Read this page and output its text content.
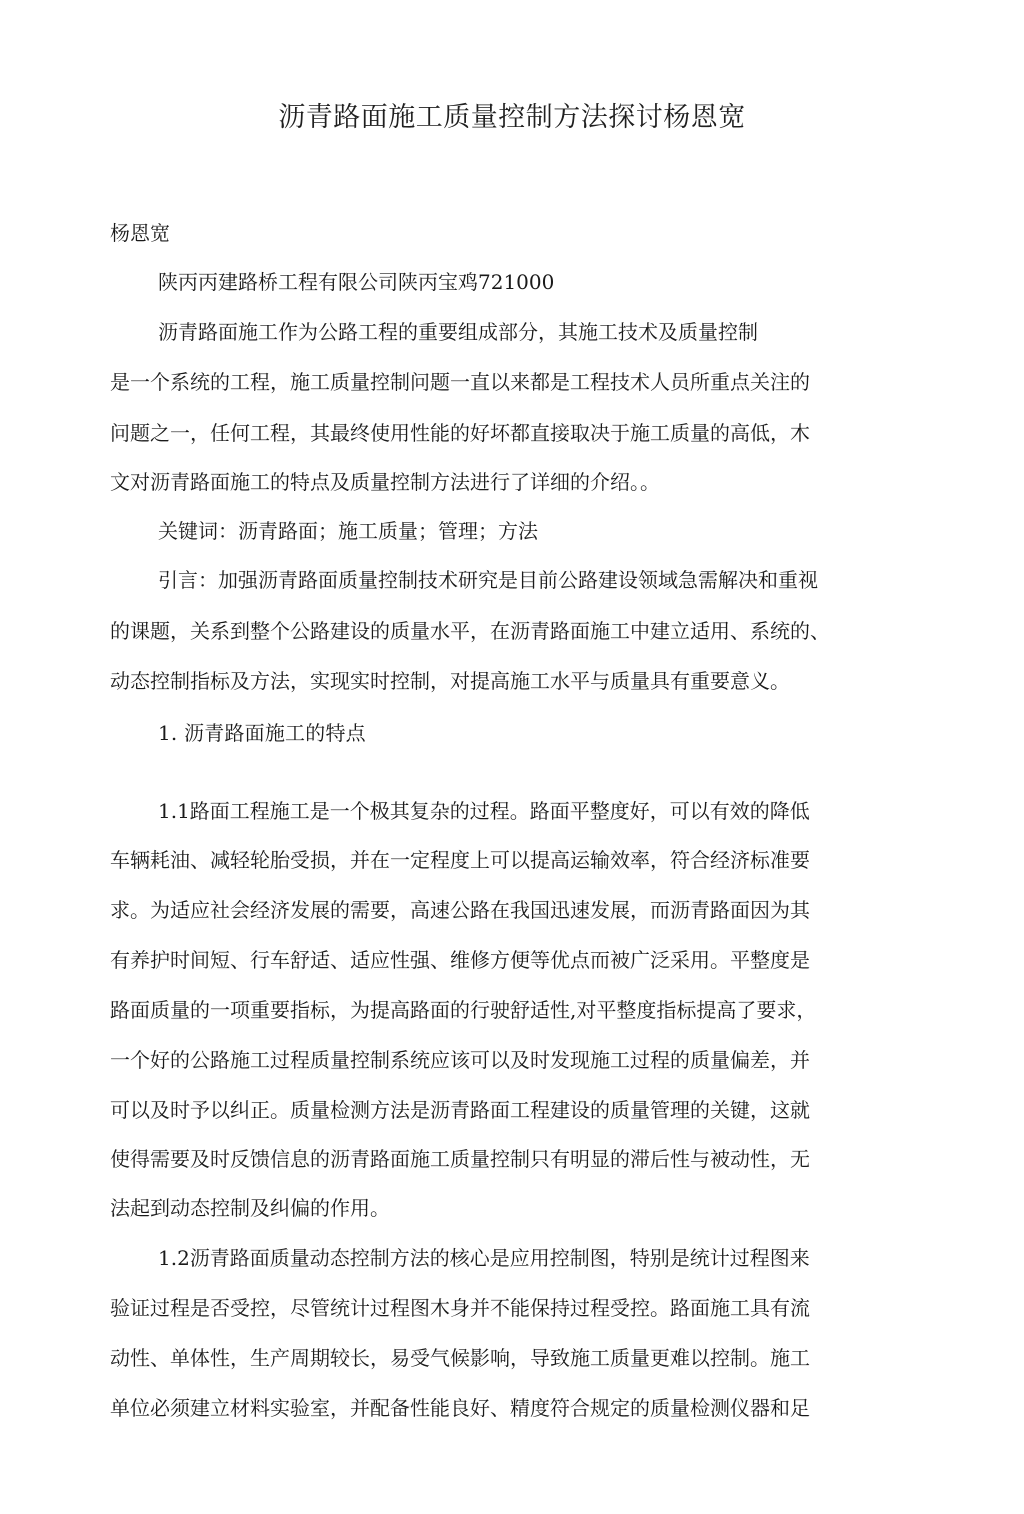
沥青路面施工质量控制方法探讨杨恩宽
杨恩宽
陕丙丙建路桥工程有限公司陕丙宝鸡721000
沥青路面施工作为公路工程的重要组成部分，其施工技术及质量控制
是一个系统的工程，施工质量控制问题一直以来都是工程技术人员所重点关注的
问题之一，任何工程，其最终使用性能的好坏都直接取决于施工质量的高低，木
文对沥青路面施工的特点及质量控制方法进行了详细的介绍。。
关键词：沥青路面；施工质量；管理；方法
引言：加强沥青路面质量控制技术研究是目前公路建设领域急需解决和重视
的课题，关系到整个公路建设的质量水平，在沥青路面施工中建立适用、系统的、
动态控制指标及方法，实现实时控制，对提高施工水平与质量具有重要意义。
1. 沥青路面施工的特点
1.1路面工程施工是一个极其复杂的过程。路面平整度好，可以有效的降低
车辆耗油、减轻轮胎受损，并在一定程度上可以提高运输效率，符合经济标准要
求。为适应社会经济发展的需要，高速公路在我国迅速发展，而沥青路面因为其
有养护时间短、行车舒适、适应性强、维修方便等优点而被广泛采用。平整度是
路面质量的一项重要指标，为提高路面的行驶舒适性,对平整度指标提高了要求，
一个好的公路施工过程质量控制系统应该可以及时发现施工过程的质量偏差，并
可以及时予以纠正。质量检测方法是沥青路面工程建设的质量管理的关键，这就
使得需要及时反馈信息的沥青路面施工质量控制只有明显的滞后性与被动性，无
法起到动态控制及纠偏的作用。
1.2沥青路面质量动态控制方法的核心是应用控制图，特别是统计过程图来
验证过程是否受控，尽管统计过程图木身并不能保持过程受控。路面施工具有流
动性、单体性，生产周期较长，易受气候影响，导致施工质量更难以控制。施工
单位必须建立材料实验室，并配备性能良好、精度符合规定的质量检测仪器和足
